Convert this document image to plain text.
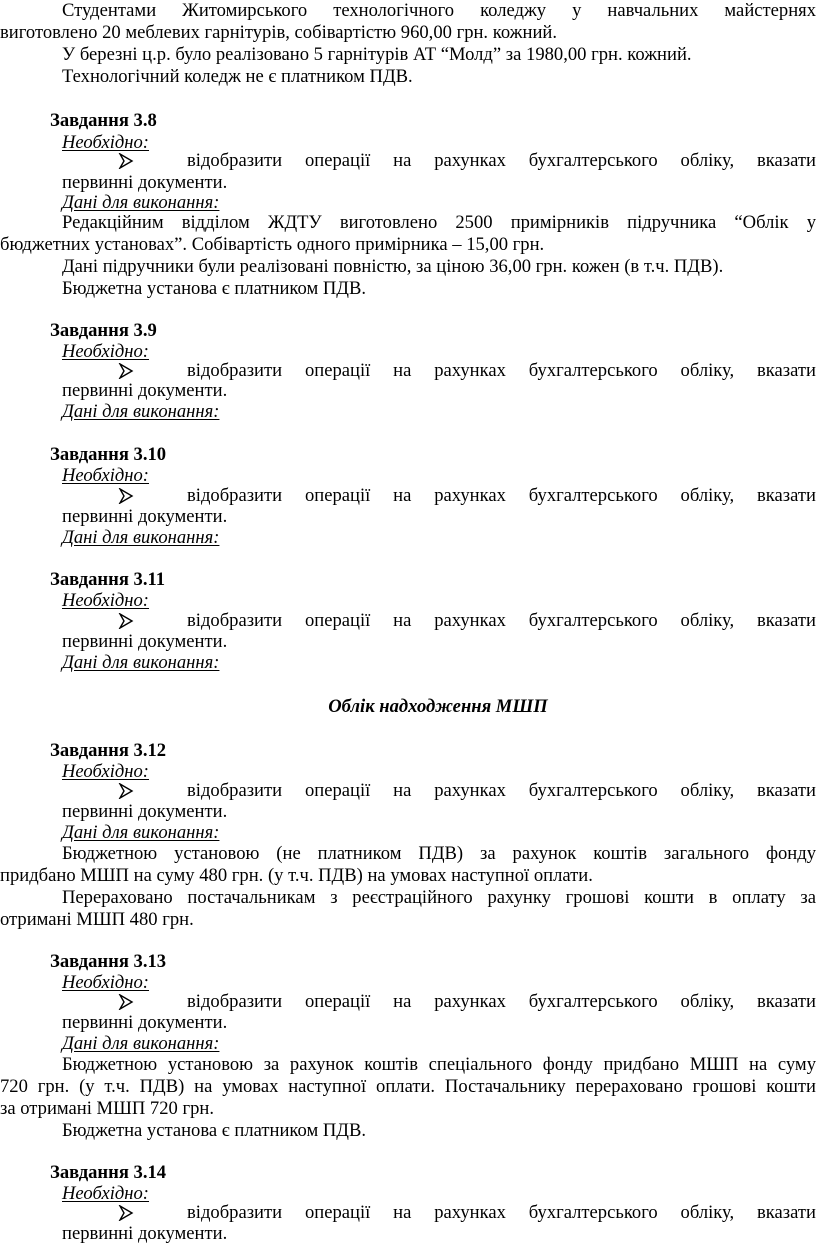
Студентами Житомирського технологічного коледжу у навчальних майстернях
виготовлено 20 меблевих гарнітурів, собівартістю 960,00 грн. кожний.
У березні ц.р. було реалізовано 5 гарнітурів АТ “Молд” за 1980,00 грн. кожний.
Технологічний коледж не є платником ПДВ.
Завдання 3.8
Необхідно:
відобразити операції на рахунках бухгалтерського обліку, вказати
первинні документи.
Дані для виконання:
Редакційним відділом ЖДТУ виготовлено 2500 примірників підручника “Облік у
бюджетних установах”. Собівартість одного примірника – 15,00 грн.
Дані підручники були реалізовані повністю, за ціною 36,00 грн. кожен (в т.ч. ПДВ).
Бюджетна установа є платником ПДВ.
Завдання 3.9
Необхідно:
відобразити операції на рахунках бухгалтерського обліку, вказати
первинні документи.
Дані для виконання:
Завдання 3.10
Необхідно:
відобразити операції на рахунках бухгалтерського обліку, вказати
первинні документи.
Дані для виконання:
Завдання 3.11
Необхідно:
відобразити операції на рахунках бухгалтерського обліку, вказати
первинні документи.
Дані для виконання:
Облік надходження МШП
Завдання 3.12
Необхідно:
відобразити операції на рахунках бухгалтерського обліку, вказати
первинні документи.
Дані для виконання:
Бюджетною установою (не платником ПДВ) за рахунок коштів загального фонду
придбано МШП на суму 480 грн. (у т.ч. ПДВ) на умовах наступної оплати.
Перераховано постачальникам з реєстраційного рахунку грошові кошти в оплату за
отримані МШП 480 грн.
Завдання 3.13
Необхідно:
відобразити операції на рахунках бухгалтерського обліку, вказати
первинні документи.
Дані для виконання:
Бюджетною установою за рахунок коштів спеціального фонду придбано МШП на суму
720 грн. (у т.ч. ПДВ) на умовах наступної оплати. Постачальнику перераховано грошові кошти
за отримані МШП 720 грн.
Бюджетна установа є платником ПДВ.
Завдання 3.14
Необхідно:
відобразити операції на рахунках бухгалтерського обліку, вказати
первинні документи.
